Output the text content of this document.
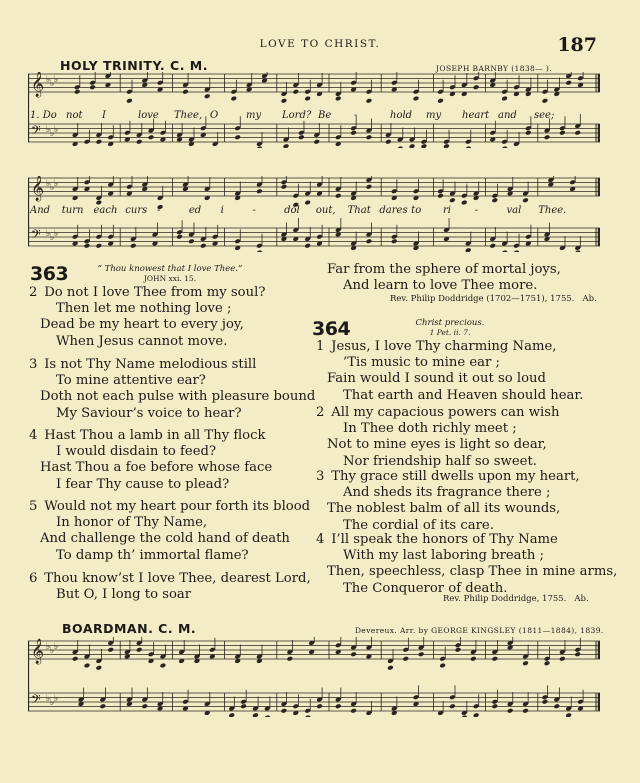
LOVE TO CHRIST.	187
HOLY TRINITY. C. M.	JOSEPH BARNBY (1838— ).
𝄞 ♭ ♭ ♭
𝄢 ♭ ♭ ♭
1. Do not I	love Thee, O	my Lord? Be -	hold my heart and see;
𝄞 ♭ ♭ ♭
𝄢 ♭ ♭ ♭
And turn each curs -	ed i	-	dol out, That dares to ri -	val Thee.
363	“ Thou knowest that I love Thee.”
JOHN xxi. 15.
2 Do not I love Thee from my soul?
Then let me nothing love ;
Dead be my heart to every joy,
When Jesus cannot move.
3 Is not Thy Name melodious still
To mine attentive ear?
Doth not each pulse with pleasure bound
My Saviour’s voice to hear?
4 Hast Thou a lamb in all Thy flock
I would disdain to feed?
Hast Thou a foe before whose face
I fear Thy cause to plead?
5 Would not my heart pour forth its blood
In honor of Thy Name,
And challenge the cold hand of death
To damp th’ immortal flame?
6 Thou know’st I love Thee, dearest Lord,
But O, I long to soar
Far from the sphere of mortal joys,
And learn to love Thee more.
Rev. Philip Doddridge (1702—1751), 1755. Ab.
364	Christ precious.
1 Pet. ii. 7.
1 Jesus, I love Thy charming Name,
’Tis music to mine ear ;
Fain would I sound it out so loud
That earth and Heaven should hear.
2 All my capacious powers can wish
In Thee doth richly meet ;
Not to mine eyes is light so dear,
Nor friendship half so sweet.
3 Thy grace still dwells upon my heart,
And sheds its fragrance there ;
The noblest balm of all its wounds,
The cordial of its care.
4 I’ll speak the honors of Thy Name
With my last laboring breath ;
Then, speechless, clasp Thee in mine arms,
The Conqueror of death.
Rev. Philip Doddridge, 1755. Ab.
BOARDMAN. C. M.	Devereux. Arr. by GEORGE KINGSLEY (1811—1884), 1839.
𝄞 ♭ ♭ ♭
𝄢 ♭ ♭ ♭
